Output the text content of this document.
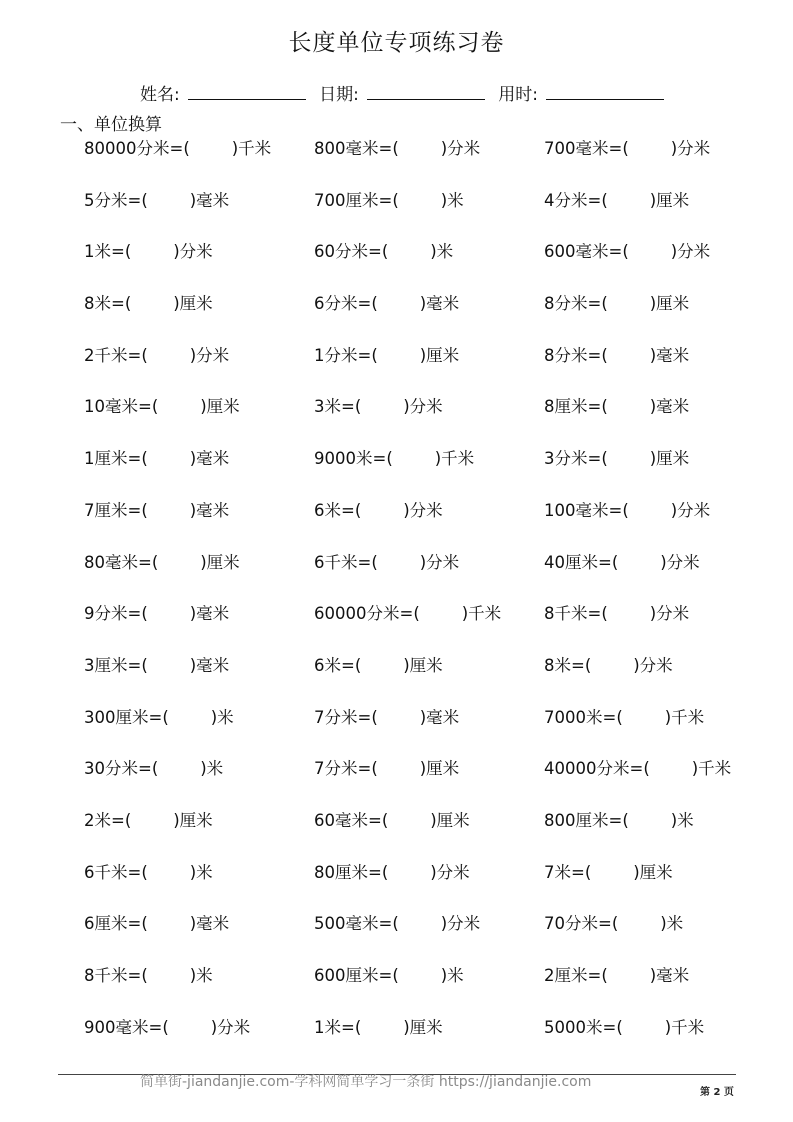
长度单位专项练习卷
姓名:	日期:	用时:
一、单位换算
80000分米=(        )千米	800毫米=(        )分米	700毫米=(        )分米
5分米=(        )毫米	700厘米=(        )米	4分米=(        )厘米
1米=(        )分米	60分米=(        )米	600毫米=(        )分米
8米=(        )厘米	6分米=(        )毫米	8分米=(        )厘米
2千米=(        )分米	1分米=(        )厘米	8分米=(        )毫米
10毫米=(        )厘米	3米=(        )分米	8厘米=(        )毫米
1厘米=(        )毫米	9000米=(        )千米	3分米=(        )厘米
7厘米=(        )毫米	6米=(        )分米	100毫米=(        )分米
80毫米=(        )厘米	6千米=(        )分米	40厘米=(        )分米
9分米=(        )毫米	60000分米=(        )千米	8千米=(        )分米
3厘米=(        )毫米	6米=(        )厘米	8米=(        )分米
300厘米=(        )米	7分米=(        )毫米	7000米=(        )千米
30分米=(        )米	7分米=(        )厘米	40000分米=(        )千米
2米=(        )厘米	60毫米=(        )厘米	800厘米=(        )米
6千米=(        )米	80厘米=(        )分米	7米=(        )厘米
6厘米=(        )毫米	500毫米=(        )分米	70分米=(        )米
8千米=(        )米	600厘米=(        )米	2厘米=(        )毫米
900毫米=(        )分米	1米=(        )厘米	5000米=(        )千米
简单街-jiandanjie.com-学科网简单学习一条街 https://jiandanjie.com
第 2 页
